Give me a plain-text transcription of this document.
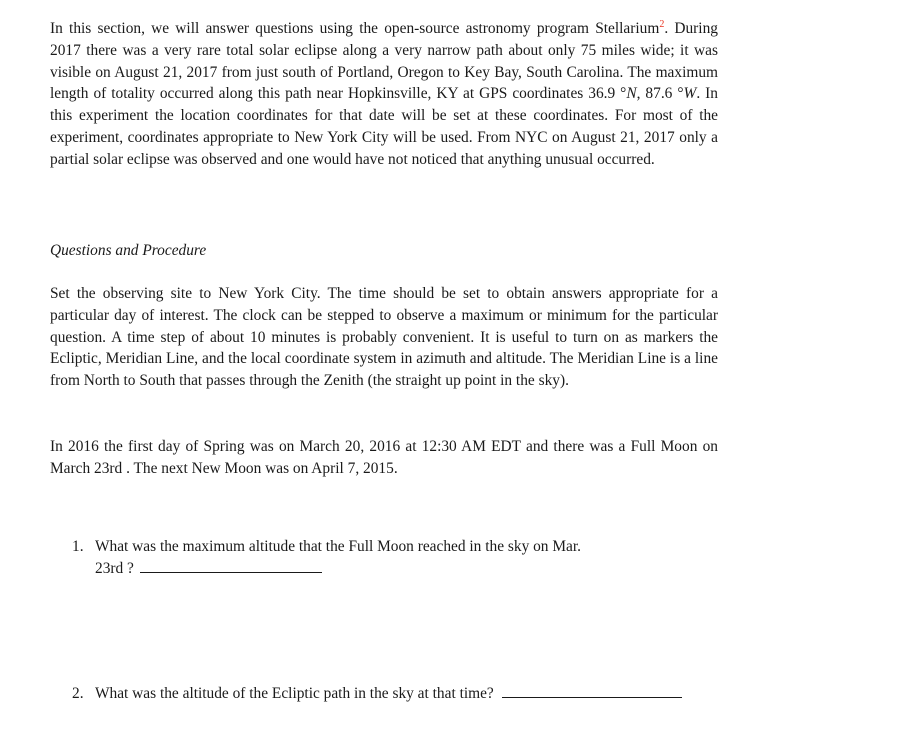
In this section, we will answer questions using the open-source astronomy program Stellarium$^2$. During 2017 there was a very rare total solar eclipse along a very narrow path about only 75 miles wide; it was visible on August 21, 2017 from just south of Portland, Oregon to Key Bay, South Carolina. The maximum length of totality occurred along this path near Hopkinsville, KY at GPS coordinates 36.9 °N, 87.6 °W. In this experiment the location coordinates for that date will be set at these coordinates. For most of the experiment, coordinates appropriate to New York City will be used. From NYC on August 21, 2017 only a partial solar eclipse was observed and one would have not noticed that anything unusual occurred.

Questions and Procedure

Set the observing site to New York City. The time should be set to obtain answers appropriate for a particular day of interest. The clock can be stepped to observe a maximum or minimum for the particular question. A time step of about 10 minutes is probably convenient. It is useful to turn on as markers the Ecliptic, Meridian Line, and the local coordinate system in azimuth and altitude. The Meridian Line is a line from North to South that passes through the Zenith (the straight up point in the sky).

In 2016 the first day of Spring was on March 20, 2016 at 12:30 AM EDT and there was a Full Moon on March 23rd . The next New Moon was on April 7, 2015.

1. What was the maximum altitude that the Full Moon reached in the sky on Mar.
23rd ?
2. What was the altitude of the Ecliptic path in the sky at that time?
